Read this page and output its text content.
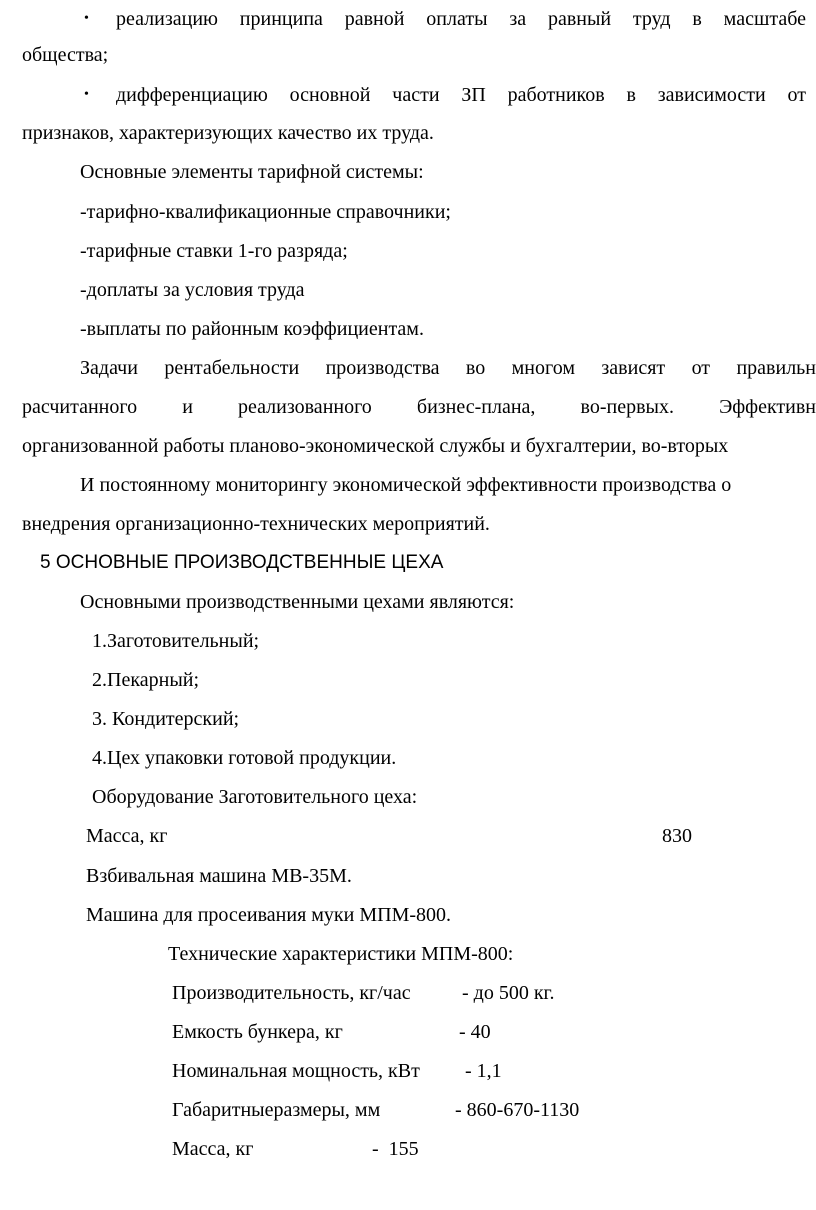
• реализацию принципа равной оплаты за равный труд в масштабе
общества;
• дифференциацию основной части ЗП работников в зависимости от
признаков, характеризующих качество их труда.
Основные элементы тарифной системы:
-тарифно-квалификационные справочники;
-тарифные ставки 1-го разряда;
-доплаты за условия труда
-выплаты по районным коэффициентам.
Задачи рентабельности производства во многом зависят от правильн
расчитанного и реализованного бизнес-плана, во-первых. Эффективн
организованной работы планово-экономической службы и бухгалтерии, во-вторых
И постоянному мониторингу экономической эффективности производства о
внедрения организационно-технических мероприятий.
5 ОСНОВНЫЕ ПРОИЗВОДСТВЕННЫЕ ЦЕХА
Основными производственными цехами являются:
1.Заготовительный;
2.Пекарный;
3. Кондитерский;
4.Цех упаковки готовой продукции.
Оборудование Заготовительного цеха:
Масса, кг	830
Взбивальная машина МВ-35М.
Машина для просеивания муки МПМ-800.
Технические характеристики МПМ-800:
Производительность, кг/час	- до 500 кг.
Емкость бункера, кг	- 40
Номинальная мощность, кВт - 1,1
Габаритныеразмеры, мм	- 860-670-1130
Масса, кг	-  155
